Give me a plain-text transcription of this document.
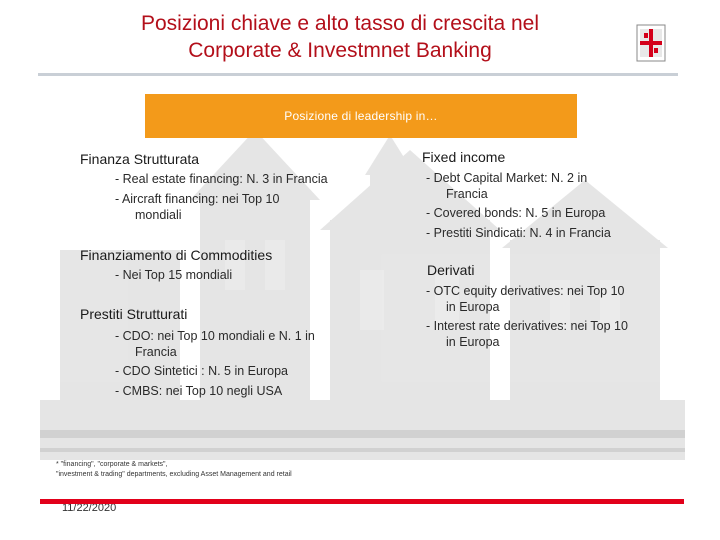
Posizioni chiave e alto tasso di crescita nel
Corporate & Investmnet Banking
Posizione di leadership in…
Finanza Strutturata
- Real estate financing: N. 3 in Francia
- Aircraft financing: nei Top 10
mondiali
Finanziamento di Commodities
- Nei Top 15 mondiali
Prestiti Strutturati
- CDO: nei Top 10 mondiali e N. 1 in
Francia
- CDO Sintetici : N. 5 in Europa
- CMBS: nei Top 10 negli USA
Fixed income
- Debt Capital Market: N. 2 in
Francia
- Covered bonds: N. 5 in Europa
- Prestiti Sindicati: N. 4 in Francia
Derivati
- OTC equity derivatives: nei Top 10
in Europa
- Interest rate derivatives: nei Top 10
in Europa
* "financing", "corporate & markets",
"investment & trading" departments, excluding Asset Management and retail
11/22/2020
